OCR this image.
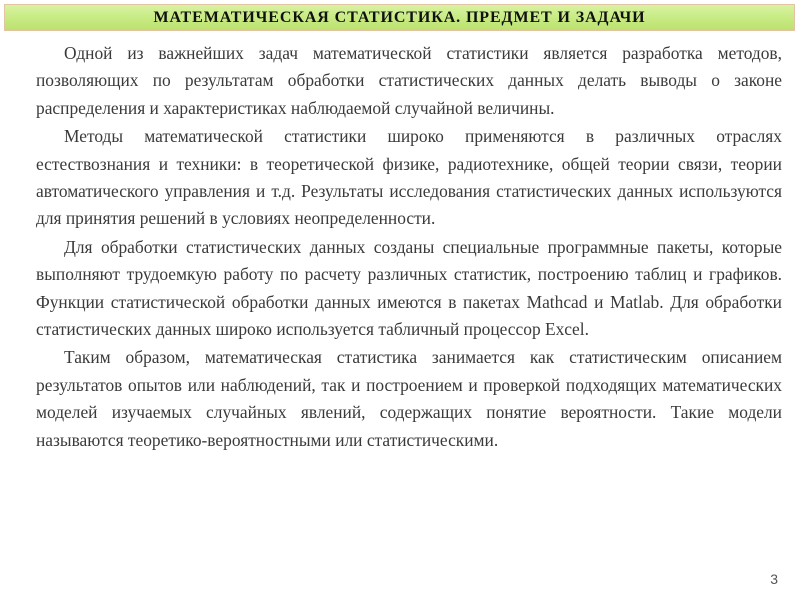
МАТЕМАТИЧЕСКАЯ СТАТИСТИКА. ПРЕДМЕТ И ЗАДАЧИ

Одной из важнейших задач математической статистики является разработка методов, позволяющих по результатам обработки статистических данных делать выводы о законе распределения и характеристиках наблюдаемой случайной величины.

Методы математической статистики широко применяются в различных отраслях естествознания и техники: в теоретической физике, радиотехнике, общей теории связи, теории автоматического управления и т.д. Результаты исследования статистических данных используются для принятия решений в условиях неопределенности.

Для обработки статистических данных созданы специальные программные пакеты, которые выполняют трудоемкую работу по расчету различных статистик, построению таблиц и графиков. Функции статистической обработки данных имеются в пакетах Mathcad и Matlab. Для обработки статистических данных широко используется табличный процессор Excel.

Таким образом, математическая статистика занимается как статистическим описанием результатов опытов или наблюдений, так и построением и проверкой подходящих математических моделей изучаемых случайных явлений, содержащих понятие вероятности. Такие модели называются теоретико-вероятностными или статистическими.

3
